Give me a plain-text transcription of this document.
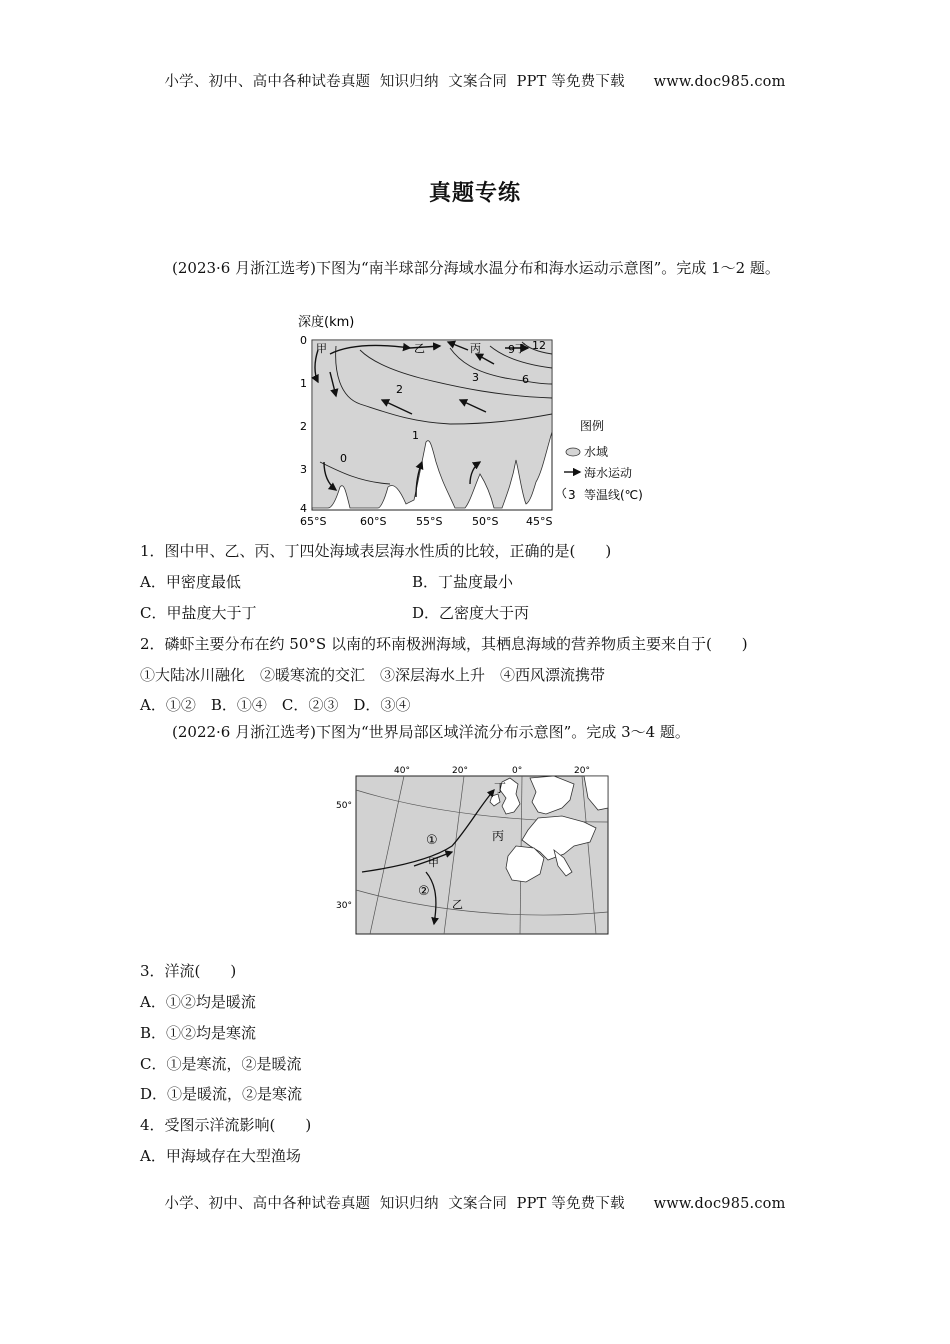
小学、初中、高中各种试卷真题  知识归纳  文案合同  PPT 等免费下载      www.doc985.com
真题专练
(2023·6 月浙江选考)下图为“南半球部分海域水温分布和海水运动示意图”。完成 1～2 题。
深度(km)
甲	乙	丙	丁
0
1
2
3	6
9 12
0
1
2
3
4
65°S	60°S	55°S	50°S	45°S
图例
水域
海水运动
3 等温线(℃)
1．图中甲、乙、丙、丁四处海域表层海水性质的比较，正确的是(　　)
A．甲密度最低	B．丁盐度最小
C．甲盐度大于丁	D．乙密度大于丙
2．磷虾主要分布在约 50°S 以南的环南极洲海域，其栖息海域的营养物质主要来自于(　　)
①大陆冰川融化　②暖寒流的交汇　③深层海水上升　④西风漂流携带
A．①②　B．①④　C．②③　D．③④
(2022·6 月浙江选考)下图为“世界局部区域洋流分布示意图”。完成 3～4 题。
40°	20°	0°	20°
50°
30°
丁
丙
甲
乙
①
②
3．洋流(　　)
A．①②均是暖流
B．①②均是寒流
C．①是寒流，②是暖流
D．①是暖流，②是寒流
4．受图示洋流影响(　　)
A．甲海域存在大型渔场
小学、初中、高中各种试卷真题  知识归纳  文案合同  PPT 等免费下载      www.doc985.com
